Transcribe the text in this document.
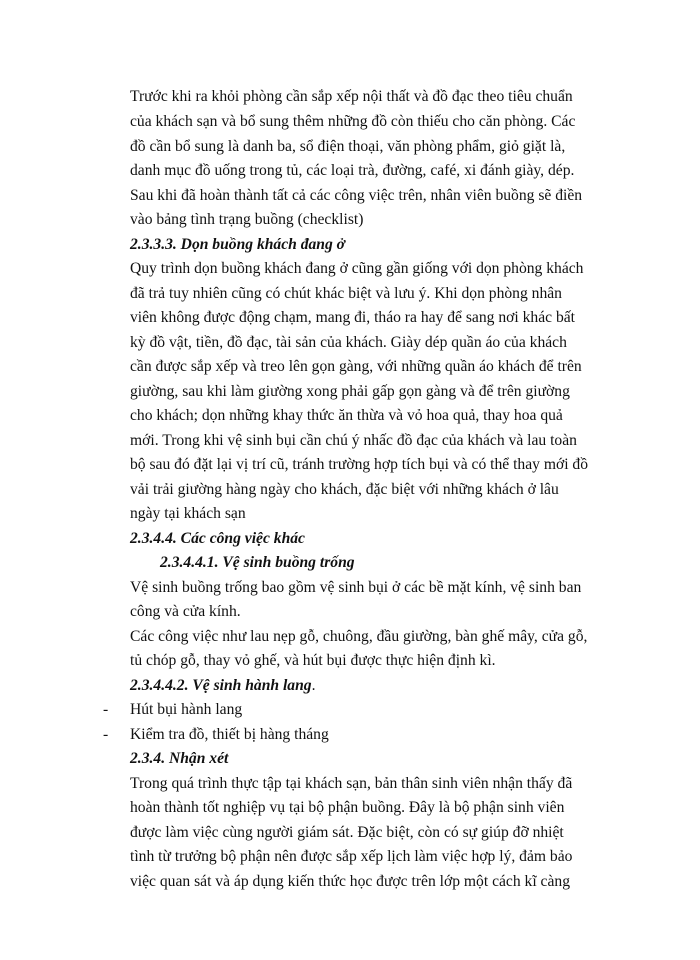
Trước khi ra khỏi phòng cần sắp xếp nội thất và đồ đạc theo tiêu chuẩn
của khách sạn và bổ sung thêm những đồ còn thiếu cho căn phòng. Các
đồ cần bổ sung là danh ba, sổ điện thoại, văn phòng phẩm, giỏ giặt là,
danh mục đồ uống trong tủ, các loại trà, đường, café, xi đánh giày, dép.
Sau khi đã hoàn thành tất cả các công việc trên, nhân viên buồng sẽ điền
vào bảng tình trạng buồng (checklist)
2.3.3.3. Dọn buồng khách đang ở
Quy trình dọn buồng khách đang ở cũng gần giống với dọn phòng khách
đã trả tuy nhiên cũng có chút khác biệt và lưu ý. Khi dọn phòng nhân
viên không được động chạm, mang đi, tháo ra hay để sang nơi khác bất
kỳ đồ vật, tiền, đồ đạc, tài sản của khách. Giày dép quần áo của khách
cần được sắp xếp và treo lên gọn gàng, với những quần áo khách để trên
giường, sau khi làm giường xong phải gấp gọn gàng và để trên giường
cho khách; dọn những khay thức ăn thừa và vỏ hoa quả, thay hoa quả
mới. Trong khi vệ sinh bụi cần chú ý nhấc đồ đạc của khách và lau toàn
bộ sau đó đặt lại vị trí cũ, tránh trường hợp tích bụi và có thể thay mới đồ
vải trải giường hàng ngày cho khách, đặc biệt với những khách ở lâu
ngày tại khách sạn
2.3.4.4. Các công việc khác
2.3.4.4.1. Vệ sinh buồng trống
Vệ sinh buồng trống bao gồm vệ sinh bụi ở các bề mặt kính, vệ sinh ban
công và cửa kính.
Các công việc như lau nẹp gỗ, chuông, đầu giường, bàn ghế mây, cửa gỗ,
tủ chóp gỗ, thay vỏ ghế, và hút bụi được thực hiện định kì.
2.3.4.4.2. Vệ sinh hành lang.
- Hút bụi hành lang
- Kiểm tra đồ, thiết bị hàng tháng
2.3.4. Nhận xét
Trong quá trình thực tập tại khách sạn, bản thân sinh viên nhận thấy đã
hoàn thành tốt nghiệp vụ tại bộ phận buồng. Đây là bộ phận sinh viên
được làm việc cùng người giám sát. Đặc biệt, còn có sự giúp đỡ nhiệt
tình từ trưởng bộ phận nên được sắp xếp lịch làm việc hợp lý, đảm bảo
việc quan sát và áp dụng kiến thức học được trên lớp một cách kĩ càng
